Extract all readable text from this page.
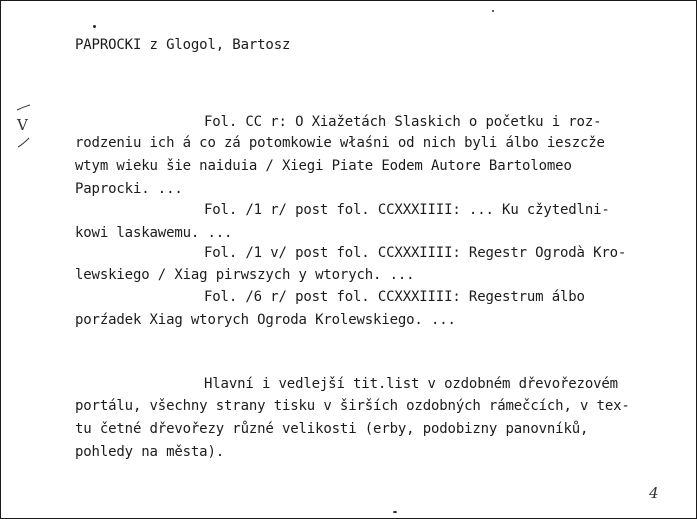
PAPROCKI z Glogol, Bartosz
V	Fol. CC r: O Xiažetách Slaskich o početku i roz-
rodzeniu ich á co zá potomkowie właśni od nich byli álbo ieszcže
wtym wieku šie naiduia / Xiegi Piate Eodem Autore Bartolomeo
Paprocki. ...
Fol. /1 r/ post fol. CCXXXIIII: ... Ku cžytedlni-
kowi laskawemu. ...
Fol. /1 v/ post fol. CCXXXIIII: Regestr Ogrodà Kro-
lewskiego / Xiag pirwszych y wtorych. ...
Fol. /6 r/ post fol. CCXXXIIII: Regestrum álbo
porźadek Xiag wtorych Ogroda Krolewskiego. ...
Hlavní i vedlejší tit.list v ozdobném dřevořezovém
portálu, všechny strany tisku v širších ozdobných rámečcích, v tex-
tu četné dřevořezy různé velikosti (erby, podobizny panovníků,
pohledy na města).
4
